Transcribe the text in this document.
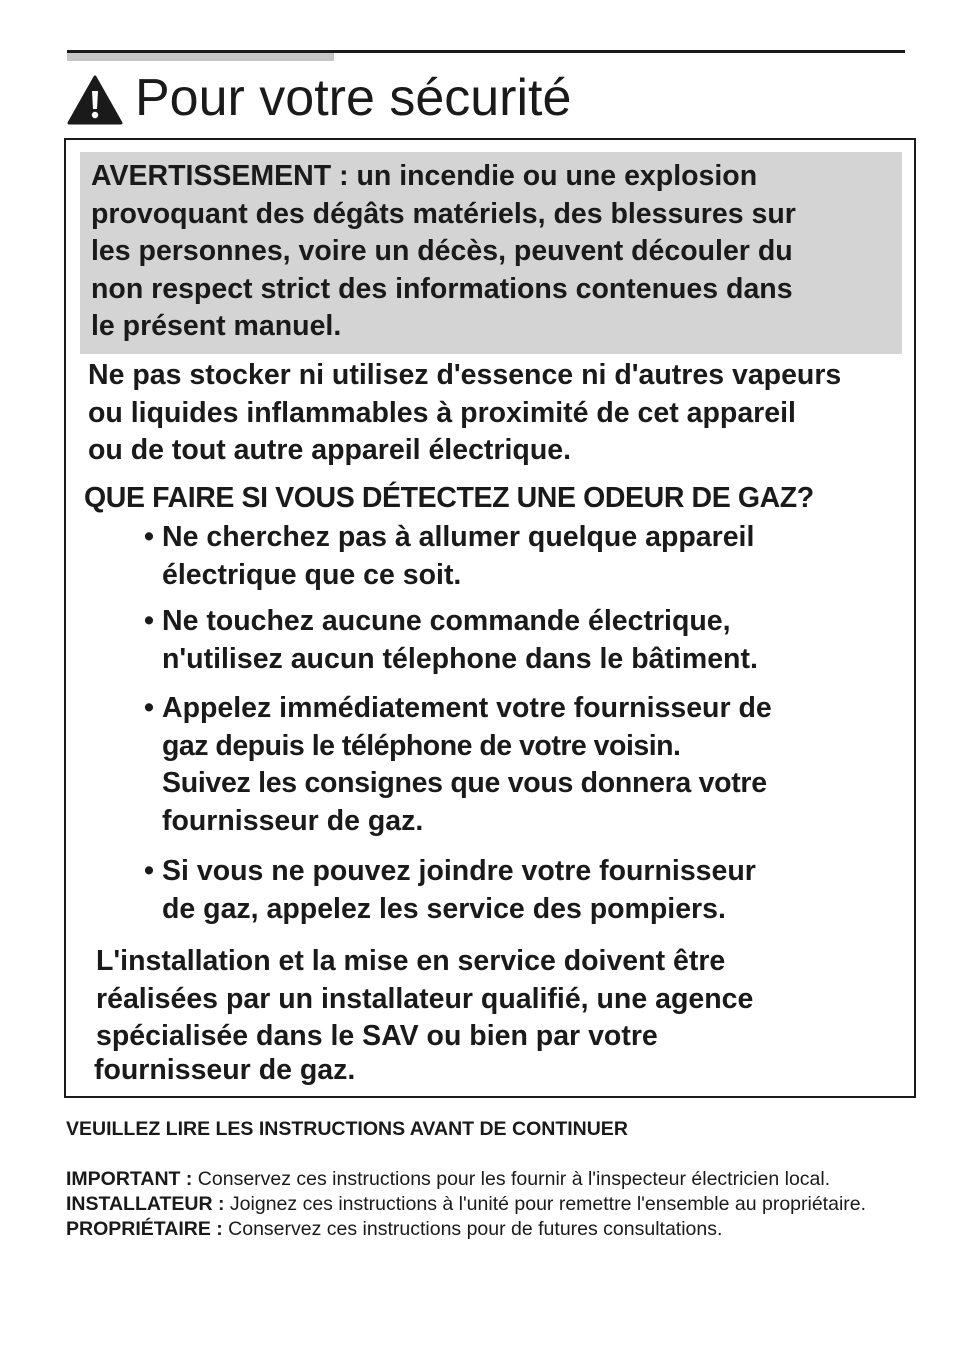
Pour votre sécurité
AVERTISSEMENT : un incendie ou une explosion
provoquant des dégâts matériels, des blessures sur
les personnes, voire un décès, peuvent découler du
non respect strict des informations contenues dans
le présent manuel.
Ne pas stocker ni utilisez d'essence ni d'autres vapeurs
ou liquides inflammables à proximité de cet appareil
ou de tout autre appareil électrique.
QUE FAIRE SI VOUS DÉTECTEZ UNE ODEUR DE GAZ?
• Ne cherchez pas à allumer quelque appareil
électrique que ce soit.
• Ne touchez aucune commande électrique,
n'utilisez aucun télephone dans le bâtiment.
• Appelez immédiatement votre fournisseur de
gaz depuis le téléphone de votre voisin.
Suivez les consignes que vous donnera votre
fournisseur de gaz.
• Si vous ne pouvez joindre votre fournisseur
de gaz, appelez les service des pompiers.
L'installation et la mise en service doivent être
réalisées par un installateur qualifié, une agence
spécialisée dans le SAV ou bien par votre
fournisseur de gaz.
VEUILLEZ LIRE LES INSTRUCTIONS AVANT DE CONTINUER
IMPORTANT : Conservez ces instructions pour les fournir à l'inspecteur électricien local.
INSTALLATEUR : Joignez ces instructions à l'unité pour remettre l'ensemble au propriétaire.
PROPRIÉTAIRE : Conservez ces instructions pour de futures consultations.
